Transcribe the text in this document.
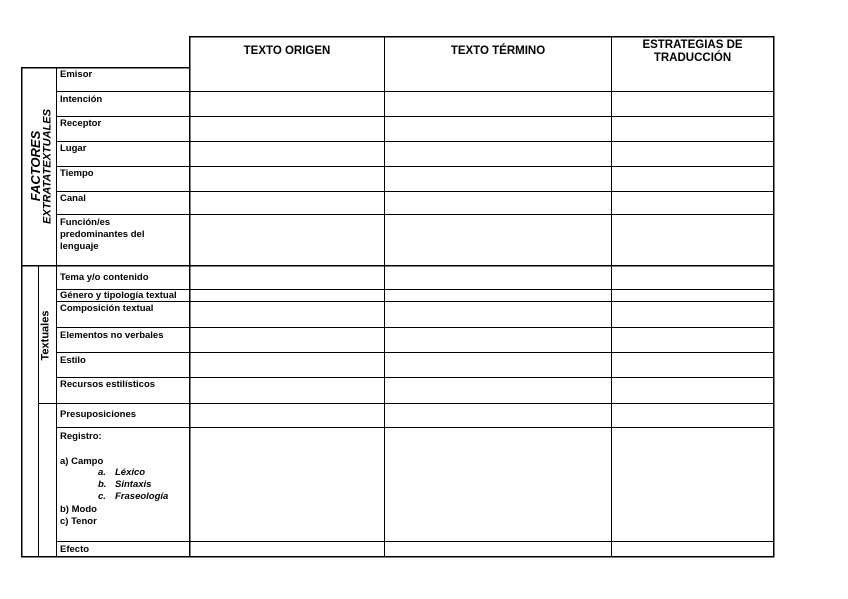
TEXTO ORIGEN	TEXTO TÉRMINO	ESTRATEGIAS DE
TRADUCCIÓN
FACTORES
EXTRATATEXTUALES
Textuales
Emisor
Intención
Receptor
Lugar
Tiempo
Canal
Función/es
predominantes del
lenguaje
Tema y/o contenido
Género y tipología textual
Composición textual
Elementos no verbales
Estilo
Recursos estilísticos
Presuposiciones
Registro:
a) Campo
a. Léxico
b. Sintaxis
c. Fraseología
b) Modo
c) Tenor
Efecto
